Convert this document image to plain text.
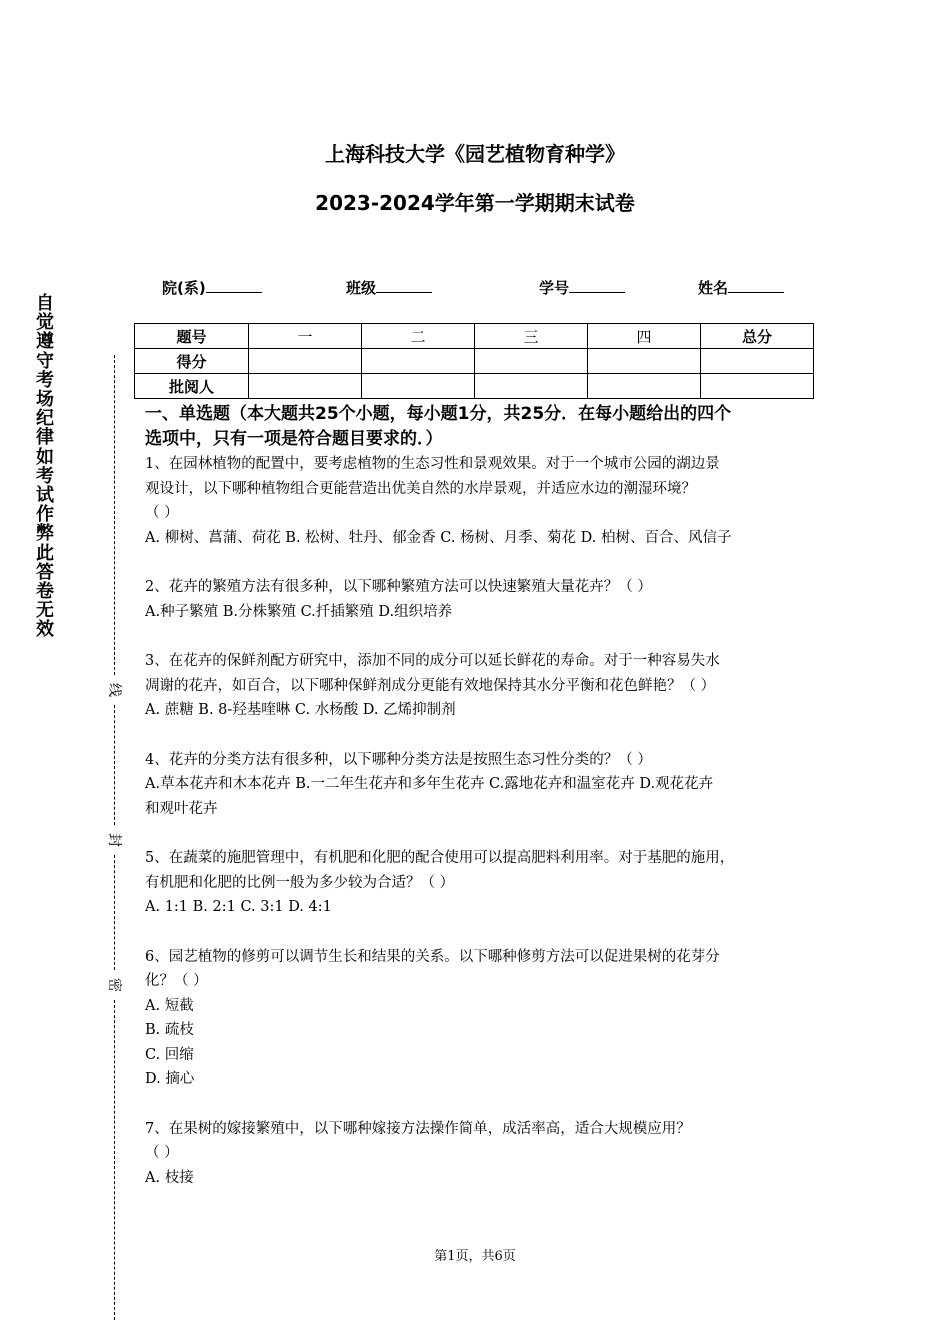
上海科技大学《园艺植物育种学》
2023-2024学年第一学期期末试卷
自
觉
遵
守
考
场
纪
律
如
考
试
作
弊
此
答
卷
无
效
线
封
密
院(系)	班级	学号	姓名
题号	一	二	三	四	总分
得分					
批阅人					
一、单选题（本大题共25个小题，每小题1分，共25分．在每小题给出的四个
选项中，只有一项是符合题目要求的．）
1、在园林植物的配置中，要考虑植物的生态习性和景观效果。对于一个城市公园的湖边景
观设计，以下哪种植物组合更能营造出优美自然的水岸景观，并适应水边的潮湿环境？
（ ）
A. 柳树、菖蒲、荷花 B. 松树、牡丹、郁金香 C. 杨树、月季、菊花 D. 柏树、百合、风信子
2、花卉的繁殖方法有很多种，以下哪种繁殖方法可以快速繁殖大量花卉？（ ）
A.种子繁殖 B.分株繁殖 C.扦插繁殖 D.组织培养
3、在花卉的保鲜剂配方研究中，添加不同的成分可以延长鲜花的寿命。对于一种容易失水
凋谢的花卉，如百合，以下哪种保鲜剂成分更能有效地保持其水分平衡和花色鲜艳？（ ）
A. 蔗糖 B. 8-羟基喹啉 C. 水杨酸 D. 乙烯抑制剂
4、花卉的分类方法有很多种，以下哪种分类方法是按照生态习性分类的？（ ）
A.草本花卉和木本花卉 B.一二年生花卉和多年生花卉 C.露地花卉和温室花卉 D.观花花卉
和观叶花卉
5、在蔬菜的施肥管理中，有机肥和化肥的配合使用可以提高肥料利用率。对于基肥的施用，
有机肥和化肥的比例一般为多少较为合适？（ ）
A. 1:1 B. 2:1 C. 3:1 D. 4:1
6、园艺植物的修剪可以调节生长和结果的关系。以下哪种修剪方法可以促进果树的花芽分
化？（ ）
A. 短截
B. 疏枝
C. 回缩
D. 摘心
7、在果树的嫁接繁殖中，以下哪种嫁接方法操作简单，成活率高，适合大规模应用？
（ ）
A. 枝接
第1页，共6页
